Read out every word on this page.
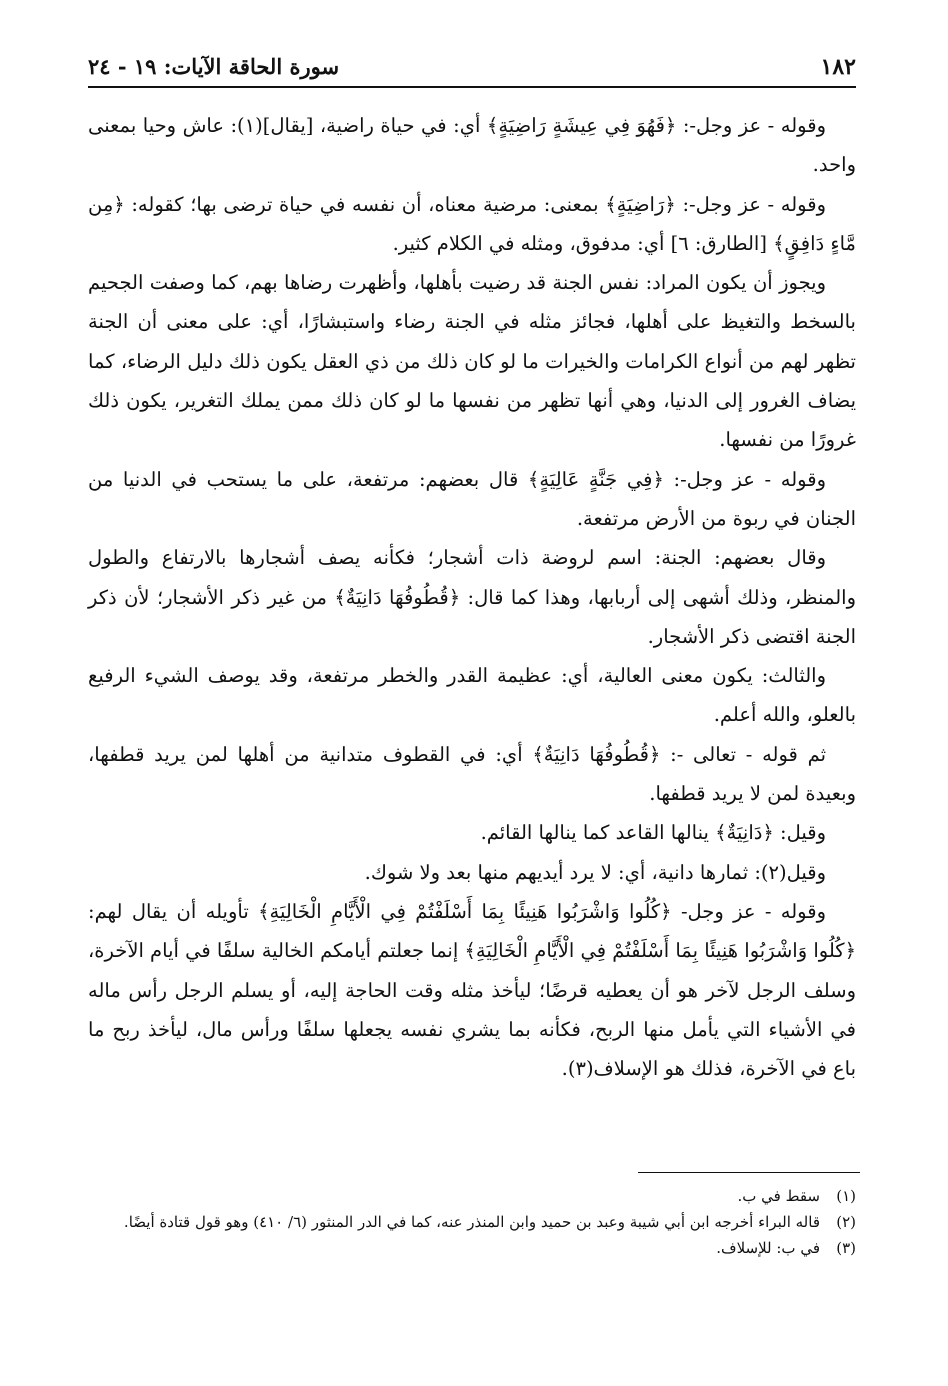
١٨٢
سورة الحاقة الآيات: ١٩ - ٢٤

وقوله - عز وجل-: ﴿فَهُوَ فِي عِيشَةٍ رَاضِيَةٍ﴾ أي: في حياة راضية، [يقال](١): عاش وحيا بمعنى واحد.

وقوله - عز وجل-: ﴿رَاضِيَةٍ﴾ بمعنى: مرضية معناه، أن نفسه في حياة ترضى بها؛ كقوله: ﴿مِن مَّاءٍ دَافِقٍ﴾ [الطارق: ٦] أي: مدفوق، ومثله في الكلام كثير.

ويجوز أن يكون المراد: نفس الجنة قد رضيت بأهلها، وأظهرت رضاها بهم، كما وصفت الجحيم بالسخط والتغيظ على أهلها، فجائز مثله في الجنة رضاء واستبشارًا، أي: على معنى أن الجنة تظهر لهم من أنواع الكرامات والخيرات ما لو كان ذلك من ذي العقل يكون ذلك دليل الرضاء، كما يضاف الغرور إلى الدنيا، وهي أنها تظهر من نفسها ما لو كان ذلك ممن يملك التغرير، يكون ذلك غرورًا من نفسها.

وقوله - عز وجل-: ﴿فِي جَنَّةٍ عَالِيَةٍ﴾ قال بعضهم: مرتفعة، على ما يستحب في الدنيا من الجنان في ربوة من الأرض مرتفعة.

وقال بعضهم: الجنة: اسم لروضة ذات أشجار؛ فكأنه يصف أشجارها بالارتفاع والطول والمنظر، وذلك أشهى إلى أربابها، وهذا كما قال: ﴿قُطُوفُهَا دَانِيَةٌ﴾ من غير ذكر الأشجار؛ لأن ذكر الجنة اقتضى ذكر الأشجار.

والثالث: يكون معنى العالية، أي: عظيمة القدر والخطر مرتفعة، وقد يوصف الشيء الرفيع بالعلو، والله أعلم.

ثم قوله - تعالى -: ﴿قُطُوفُهَا دَانِيَةٌ﴾ أي: في القطوف متدانية من أهلها لمن يريد قطفها، وبعيدة لمن لا يريد قطفها.

وقيل: ﴿دَانِيَةٌ﴾ ينالها القاعد كما ينالها القائم.

وقيل(٢): ثمارها دانية، أي: لا يرد أيديهم منها بعد ولا شوك.

وقوله - عز وجل- ﴿كُلُوا وَاشْرَبُوا هَنِيئًا بِمَا أَسْلَفْتُمْ فِي الْأَيَّامِ الْخَالِيَةِ﴾ تأويله أن يقال لهم: ﴿كُلُوا وَاشْرَبُوا هَنِيئًا بِمَا أَسْلَفْتُمْ فِي الْأَيَّامِ الْخَالِيَةِ﴾ إنما جعلتم أيامكم الخالية سلفًا في أيام الآخرة، وسلف الرجل لآخر هو أن يعطيه قرضًا؛ ليأخذ مثله وقت الحاجة إليه، أو يسلم الرجل رأس ماله في الأشياء التي يأمل منها الربح، فكأنه بما يشري نفسه يجعلها سلفًا ورأس مال، ليأخذ ربح ما باع في الآخرة، فذلك هو الإسلاف(٣).

(١)
سقط في ب.
(٢)
قاله البراء أخرجه ابن أبي شيبة وعبد بن حميد وابن المنذر عنه، كما في الدر المنثور (٦/ ٤١٠) وهو قول قتادة أيضًا.
(٣)
في ب: للإسلاف.
